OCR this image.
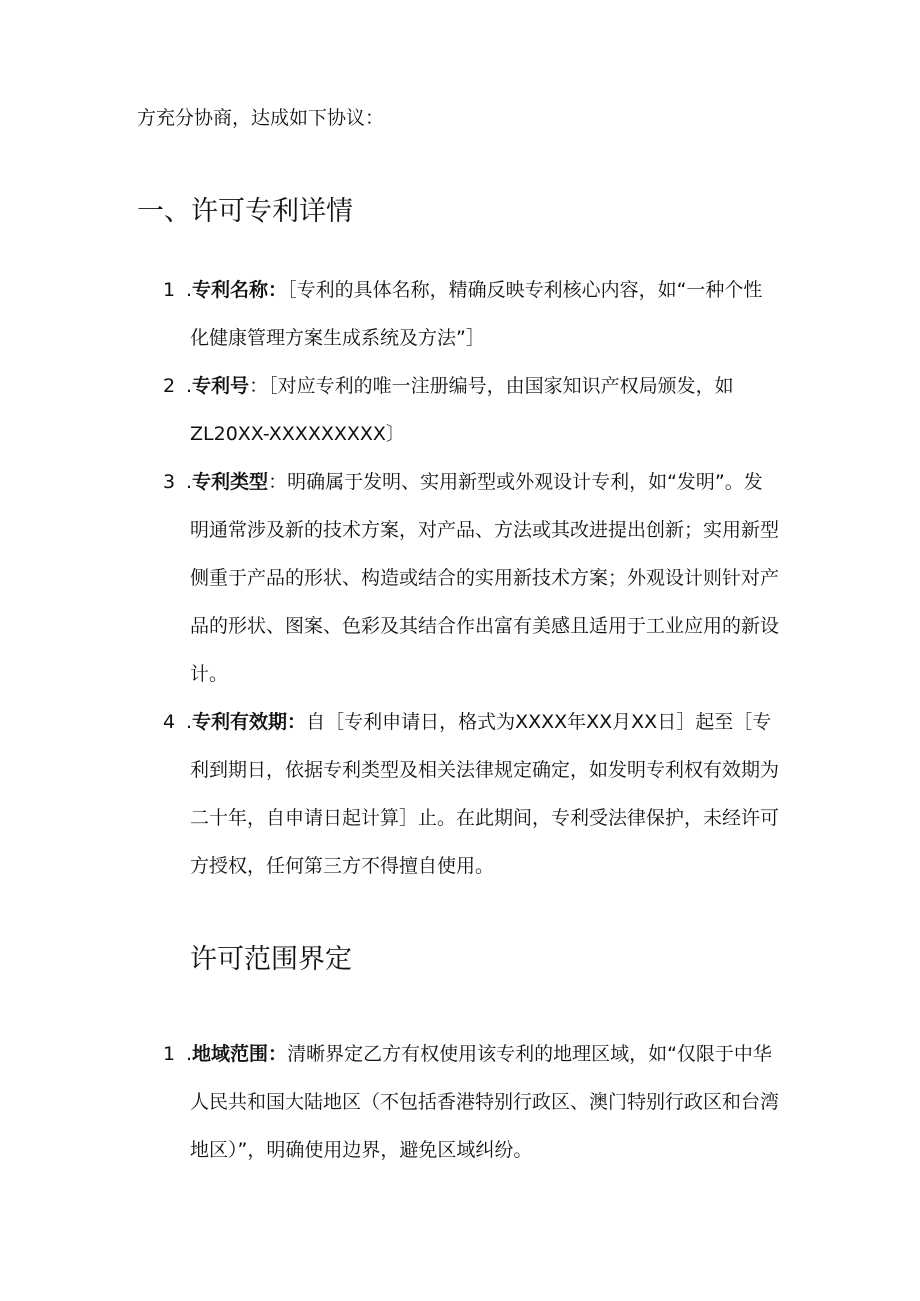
方充分协商，达成如下协议：

一、许可专利详情
1 .专利名称：［专利的具体名称，精确反映专利核心内容，如“一种个性化健康管理方案生成系统及方法”］

2 .专利号：［对应专利的唯一注册编号，由国家知识产权局颁发，如ZL20XX-XXXXXXXXX〕

3 .专利类型：明确属于发明、实用新型或外观设计专利，如“发明”。发明通常涉及新的技术方案，对产品、方法或其改进提出创新；实用新型侧重于产品的形状、构造或结合的实用新技术方案；外观设计则针对产品的形状、图案、色彩及其结合作出富有美感且适用于工业应用的新设计。

4 .专利有效期：自［专利申请日，格式为XXXX年XX月XX日］起至［专利到期日，依据专利类型及相关法律规定确定，如发明专利权有效期为二十年，自申请日起计算］止。在此期间，专利受法律保护，未经许可方授权，任何第三方不得擅自使用。

许可范围界定
1 .地域范围：清晰界定乙方有权使用该专利的地理区域，如“仅限于中华人民共和国大陆地区（不包括香港特别行政区、澳门特别行政区和台湾地区）”，明确使用边界，避免区域纠纷。
